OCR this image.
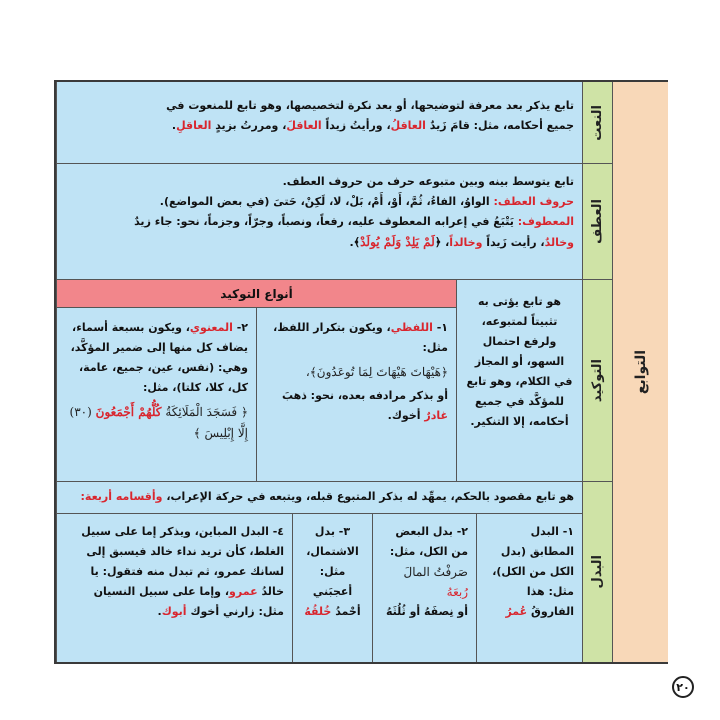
التوابع
النعت
تابع يذكر بعد معرفة لتوضيحها، أو بعد نكرة لتخصيصها، وهو تابع للمنعوت في
جميع أحكامه، مثل: قامَ زَيدٌ العاقلُ، ورأيتُ زيداً العاقلَ، ومررتُ بزيدٍ العاقلِ.
العطف
تابع يتوسط بينه وبين متبوعه حرف من حروف العطف.
حروف العطف: الواوُ، الفاءُ، ثُمَّ، أَوْ، أَمْ، بَلْ، لا، لَكِنْ، حَتىَ (في بعض المواضع).
المعطوف: يَتْبَعُ في إعرابه المعطوف عليه، رفعاً، ونصباً، وجرّاً، وجزماً، نحو: جاء زيدٌ
وخالدٌ، رأيت زَيداً وخالداً، ﴿لَمْ يَلِدْ وَلَمْ يُولَدْ﴾.
التوكيد
هو تابع يؤتى به تثبيتاً لمتبوعه، ولرفع احتمال السهو، أو المجاز في الكلام، وهو تابع للمؤكَّد في جميع أحكامه، إلا التنكير.
أنواع التوكيد
١- اللفظي، ويكون بتكرار اللفظ، مثل:
﴿هَيْهَاتَ هَيْهَاتَ لِمَا تُوعَدُونَ﴾،
أو بذكر مرادفه بعده، نحو: ذهبَ غادرٌ أخوك.
٢- المعنوي، ويكون بسبعة أسماء، يضاف كل منها إلى ضمير المؤكَّد، وهي: (نفس، عين، جميع، عامة، كل، كلا، كلتا)، مثل:
﴿ فَسَجَدَ الْمَلَائِكَةُ كُلُّهُمْ أَجْمَعُونَ (٣٠) إِلَّا إِبْلِيسَ ﴾
البدل
هو تابع مقصود بالحكم، يمهِّد له بذكر المتبوع قبله، ويتبعه في حركة الإعراب، وأقسامه أربعة:
١- البدل المطابق (بدل الكل من الكل)، مثل: هذا الفاروقُ عُمرُ
٢- بدل البعض من الكل، مثل:
صَرفْتُ المالَ رُبعَهُ
أو نِصفَهُ أو ثُلُثَهُ
٣- بدل الاشتمال، مثل: أعجبَني أحْمدُ خُلقُهُ
٤- البدل المباين، ويذكر إما على سبيل الغلط، كأن تريد نداء خالد فيسبق إلى لسانك عمرو، ثم تبدل منه فتقول: يا خالدُ عمرو، وإما على سبيل النسيان مثل: زارني أخوك أبوك.
٢٠
